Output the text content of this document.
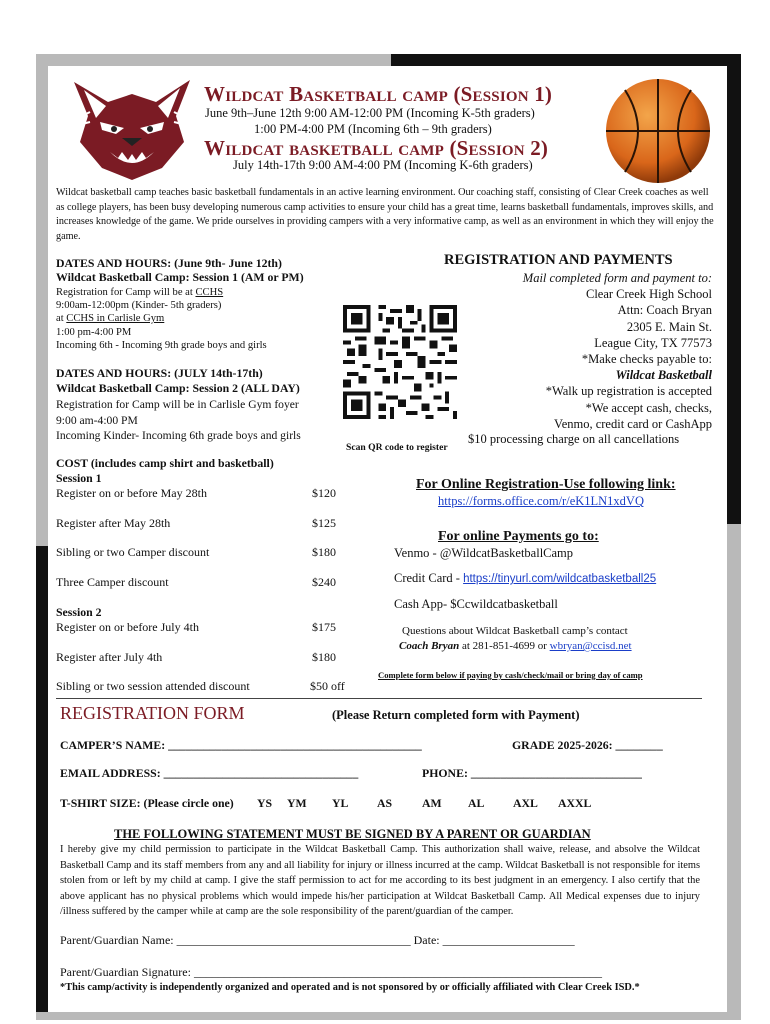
Wildcat Basketball camp (Session 1)
June 9th–June 12th 9:00 AM-12:00 PM (Incoming K-5th graders)
1:00 PM-4:00 PM (Incoming 6th – 9th graders)
Wildcat basketball camp (Session 2)
July 14th-17th 9:00 AM-4:00 PM (Incoming K-6th graders)
Wildcat basketball camp teaches basic basketball fundamentals in an active learning environment. Our coaching staff, consisting of Clear Creek coaches as well as college players, has been busy developing numerous camp activities to ensure your child has a great time, learns basketball fundamentals, improves skills, and increases knowledge of the game. We pride ourselves in providing campers with a very informative camp, as well as an environment in which they will enjoy the game.
DATES AND HOURS: (June 9th- June 12th)
Wildcat Basketball Camp: Session 1 (AM or PM)
Registration for Camp will be at CCHS
9:00am-12:00pm (Kinder- 5th graders)
at CCHS in Carlisle Gym
1:00 pm-4:00 PM
Incoming 6th - Incoming 9th grade boys and girls
DATES AND HOURS: (JULY 14th-17th)
Wildcat Basketball Camp: Session 2 (ALL DAY)
Registration for Camp will be in Carlisle Gym foyer
9:00 am-4:00 PM
Incoming Kinder- Incoming 6th grade boys and girls
Scan QR code to register
REGISTRATION AND PAYMENTS
Mail completed form and payment to:
Clear Creek High School
Attn: Coach Bryan
2305 E. Main St.
League City, TX 77573
*Make checks payable to:
Wildcat Basketball
*Walk up registration is accepted
*We accept cash, checks,
Venmo, credit card or CashApp
$10 processing charge on all cancellations
COST (includes camp shirt and basketball)
Session 1
Register on or before May 28th	$120
Register after May 28th	$125
Sibling or two Camper discount	$180
Three Camper discount	$240
Session 2
Register on or before July 4th	$175
Register after July 4th	$180
Sibling or two session attended discount	$50 off
For Online Registration-Use following link:
https://forms.office.com/r/eK1LN1xdVQ
For online Payments go to:
Venmo - @WildcatBasketballCamp
Credit Card - https://tinyurl.com/wildcatbasketball25
Cash App- $Ccwildcatbasketball
Questions about Wildcat Basketball camp’s contact
Coach Bryan at 281-851-4699 or wbryan@ccisd.net
Complete form below if paying by cash/check/mail or bring day of camp
REGISTRATION FORM	(Please Return completed form with Payment)
CAMPER’S NAME: ___________________________________________	GRADE 2025-2026: ________
EMAIL ADDRESS: _________________________________	PHONE: _____________________________
T-SHIRT SIZE: (Please circle one) YS YM YL AS	AM AL AXL AXXL
THE FOLLOWING STATEMENT MUST BE SIGNED BY A PARENT OR GUARDIAN
I hereby give my child permission to participate in the Wildcat Basketball Camp. This authorization shall waive, release, and absolve the Wildcat Basketball Camp and its staff members from any and all liability for injury or illness incurred at the camp. Wildcat Basketball is not responsible for items stolen from or left by my child at camp. I give the staff permission to act for me according to its best judgment in an emergency. I also certify that the above applicant has no physical problems which would impede his/her participation at Wildcat Basketball Camp. All Medical expenses due to injury /illness suffered by the camper while at camp are the sole responsibility of the parent/guardian of the camper.
Parent/Guardian Name: _______________________________________ Date: ______________________
Parent/Guardian Signature: ____________________________________________________________________
*This camp/activity is independently organized and operated and is not sponsored by or officially affiliated with Clear Creek ISD.*
